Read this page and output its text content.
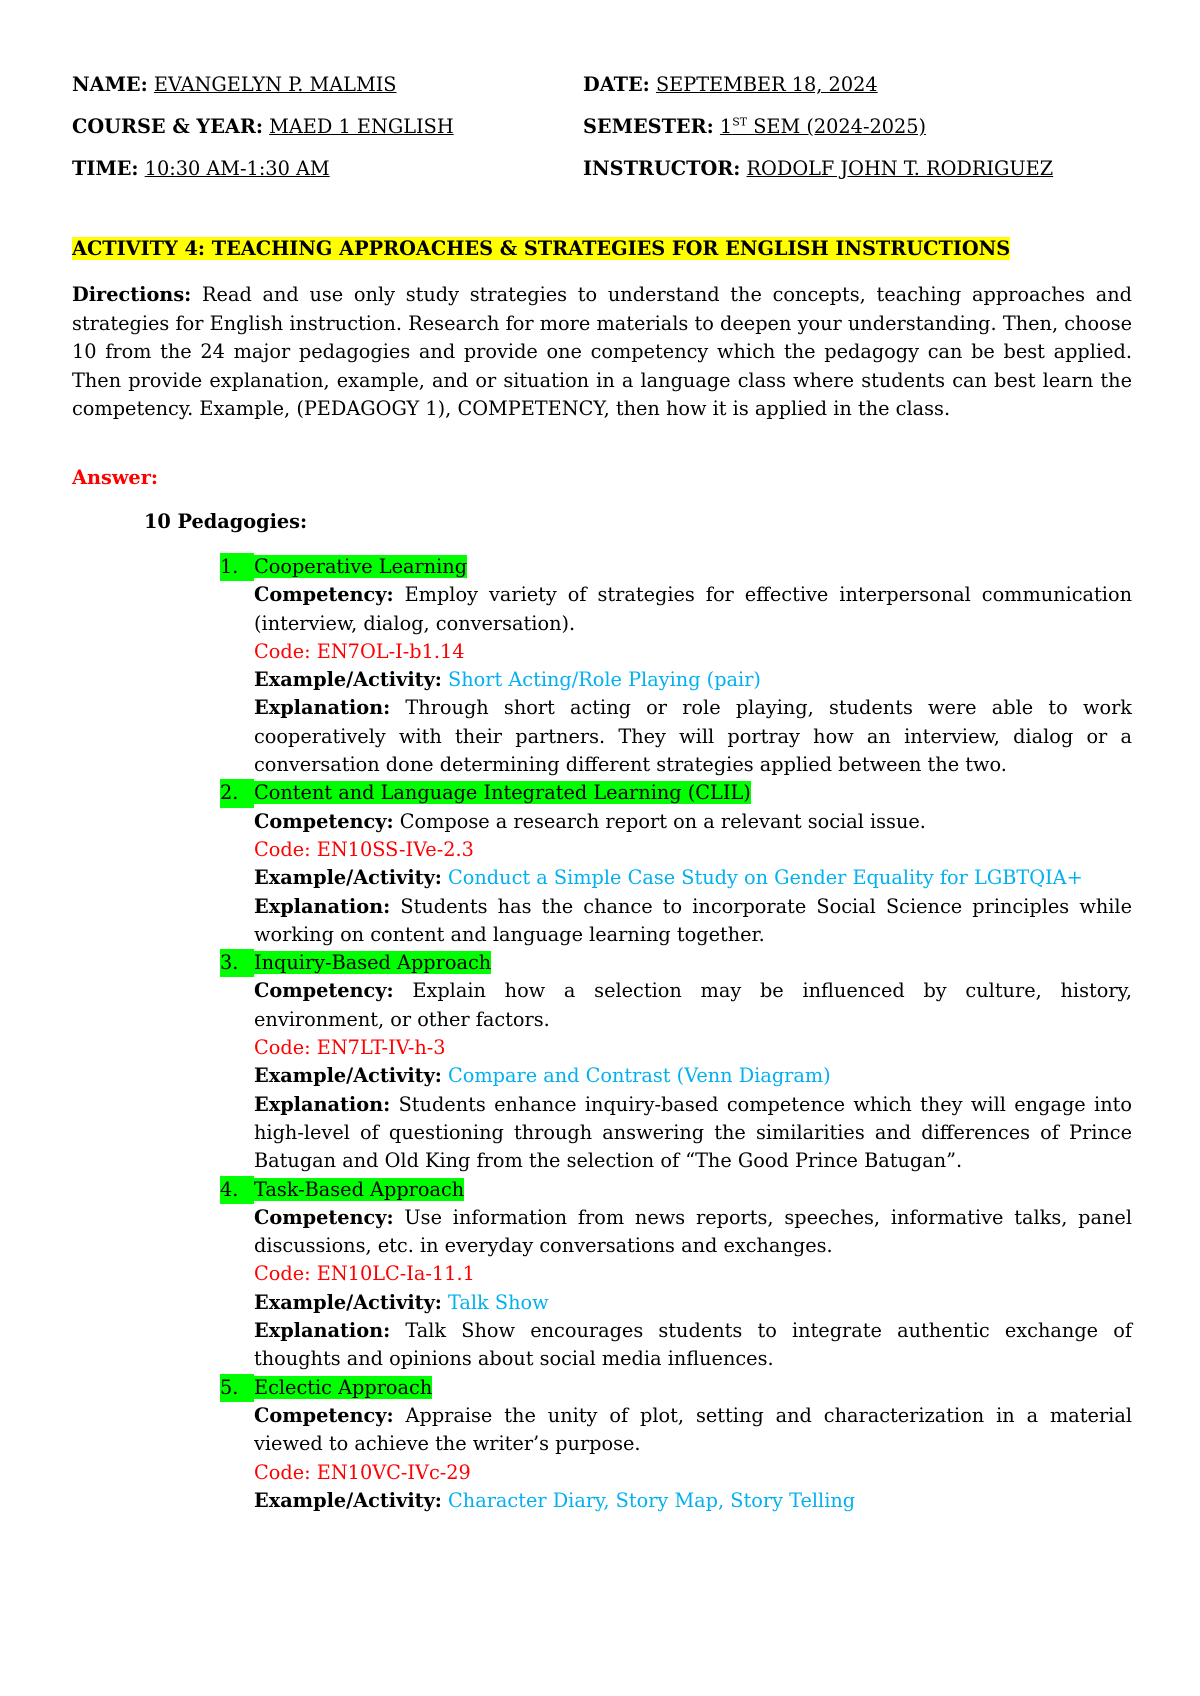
NAME: EVANGELYN P. MALMIS	DATE: SEPTEMBER 18, 2024
COURSE & YEAR: MAED 1 ENGLISH	SEMESTER: 1ST SEM (2024-2025)
TIME: 10:30 AM-1:30 AM	INSTRUCTOR: RODOLF JOHN T. RODRIGUEZ
ACTIVITY 4: TEACHING APPROACHES & STRATEGIES FOR ENGLISH INSTRUCTIONS
Directions: Read and use only study strategies to understand the concepts, teaching approaches and strategies for English instruction. Research for more materials to deepen your understanding. Then, choose 10 from the 24 major pedagogies and provide one competency which the pedagogy can be best applied. Then provide explanation, example, and or situation in a language class where students can best learn the competency. Example, (PEDAGOGY 1), COMPETENCY, then how it is applied in the class.
Answer:
10 Pedagogies:
1. Cooperative Learning
Competency: Employ variety of strategies for effective interpersonal communication (interview, dialog, conversation).
Code: EN7OL-I-b1.14
Example/Activity: Short Acting/Role Playing (pair)
Explanation: Through short acting or role playing, students were able to work cooperatively with their partners. They will portray how an interview, dialog or a conversation done determining different strategies applied between the two.
2. Content and Language Integrated Learning (CLIL)
Competency: Compose a research report on a relevant social issue.
Code: EN10SS-IVe-2.3
Example/Activity: Conduct a Simple Case Study on Gender Equality for LGBTQIA+
Explanation: Students has the chance to incorporate Social Science principles while working on content and language learning together.
3. Inquiry-Based Approach
Competency: Explain how a selection may be influenced by culture, history, environment, or other factors.
Code: EN7LT-IV-h-3
Example/Activity: Compare and Contrast (Venn Diagram)
Explanation: Students enhance inquiry-based competence which they will engage into high-level of questioning through answering the similarities and differences of Prince Batugan and Old King from the selection of “The Good Prince Batugan”.
4. Task-Based Approach
Competency: Use information from news reports, speeches, informative talks, panel discussions, etc. in everyday conversations and exchanges.
Code: EN10LC-Ia-11.1
Example/Activity: Talk Show
Explanation: Talk Show encourages students to integrate authentic exchange of thoughts and opinions about social media influences.
5. Eclectic Approach
Competency: Appraise the unity of plot, setting and characterization in a material viewed to achieve the writer’s purpose.
Code: EN10VC-IVc-29
Example/Activity: Character Diary, Story Map, Story Telling
